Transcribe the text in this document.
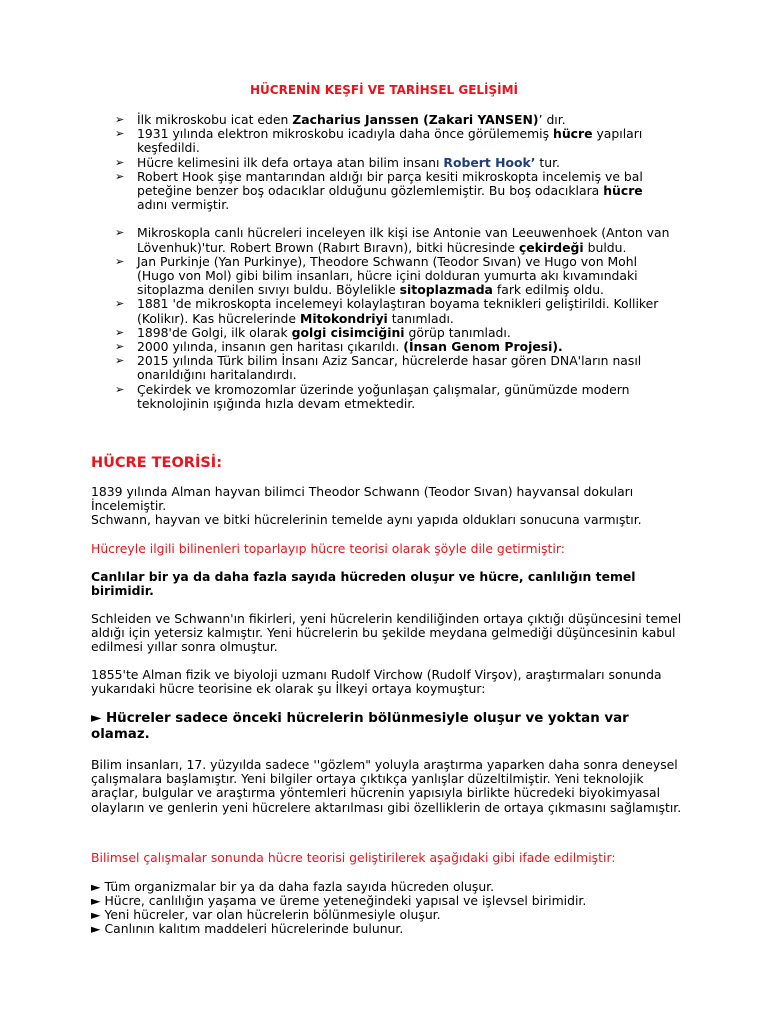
HÜCRENİN KEŞFİ VE TARİHSEL GELİŞİMİ
➢ İlk mikroskobu icat eden Zacharius Janssen (Zakari YANSEN)’ dır.
➢ 1931 yılında elektron mikroskobu icadıyla daha önce görülememiş hücre yapıları keşfedildi.
➢ Hücre kelimesini ilk defa ortaya atan bilim insanı Robert Hook’ tur.
➢ Robert Hook şişe mantarından aldığı bir parça kesiti mikroskopta incelemiş ve bal peteğine benzer boş odacıklar olduğunu gözlemlemiştir. Bu boş odacıklara hücre adını vermiştir.
➢ Mikroskopla canlı hücreleri inceleyen ilk kişi ise Antonie van Leeuwenhoek (Anton van Lövenhuk)'tur. Robert Brown (Rabırt Bıravn), bitki hücresinde çekirdeği buldu.
➢ Jan Purkinje (Yan Purkinye), Theodore Schwann (Teodor Sıvan) ve Hugo von Mohl (Hugo von Mol) gibi bilim insanları, hücre içini dolduran yumurta akı kıvamındaki sitoplazma denilen sıvıyı buldu. Böylelikle sitoplazmada fark edilmiş oldu.
➢ 1881 'de mikroskopta incelemeyi kolaylaştıran boyama teknikleri geliştirildi. Kolliker (Kolikır). Kas hücrelerinde Mitokondriyi tanımladı.
➢ 1898'de Golgi, ilk olarak golgi cisimciğini görüp tanımladı.
➢ 2000 yılında, insanın gen haritası çıkarıldı. (İnsan Genom Projesi).
➢ 2015 yılında Türk bilim İnsanı Aziz Sancar, hücrelerde hasar gören DNA'ların nasıl onarıldığını haritalandırdı.
➢ Çekirdek ve kromozomlar üzerinde yoğunlaşan çalışmalar, günümüzde modern teknolojinin ışığında hızla devam etmektedir.
HÜCRE TEORİSİ:

1839 yılında Alman hayvan bilimci Theodor Schwann (Teodor Sıvan) hayvansal dokuları İncelemiştir.
Schwann, hayvan ve bitki hücrelerinin temelde aynı yapıda oldukları sonucuna varmıştır.

Hücreyle ilgili bilinenleri toparlayıp hücre teorisi olarak şöyle dile getirmiştir:

Canlılar bir ya da daha fazla sayıda hücreden oluşur ve hücre, canlılığın temel birimidir.

Schleiden ve Schwann'ın fikirleri, yeni hücrelerin kendiliğinden ortaya çıktığı düşüncesini temel aldığı için yetersiz kalmıştır. Yeni hücrelerin bu şekilde meydana gelmediği düşüncesinin kabul edilmesi yıllar sonra olmuştur.

1855'te Alman fizik ve biyoloji uzmanı Rudolf Virchow (Rudolf Virşov), araştırmaları sonunda yukarıdaki hücre teorisine ek olarak şu İlkeyi ortaya koymuştur:

► Hücreler sadece önceki hücrelerin bölünmesiyle oluşur ve yoktan var olamaz.

Bilim insanları, 17. yüzyılda sadece ''gözlem" yoluyla araştırma yaparken daha sonra deneysel çalışmalara başlamıştır. Yeni bilgiler ortaya çıktıkça yanlışlar düzeltilmiştir. Yeni teknolojik araçlar, bulgular ve araştırma yöntemleri hücrenin yapısıyla birlikte hücredeki biyokimyasal olayların ve genlerin yeni hücrelere aktarılması gibi özelliklerin de ortaya çıkmasını sağlamıştır.

Bilimsel çalışmalar sonunda hücre teorisi geliştirilerek aşağıdaki gibi ifade edilmiştir:

► Tüm organizmalar bir ya da daha fazla sayıda hücreden oluşur.
► Hücre, canlılığın yaşama ve üreme yeteneğindeki yapısal ve işlevsel birimidir.
► Yeni hücreler, var olan hücrelerin bölünmesiyle oluşur.
► Canlının kalıtım maddeleri hücrelerinde bulunur.
